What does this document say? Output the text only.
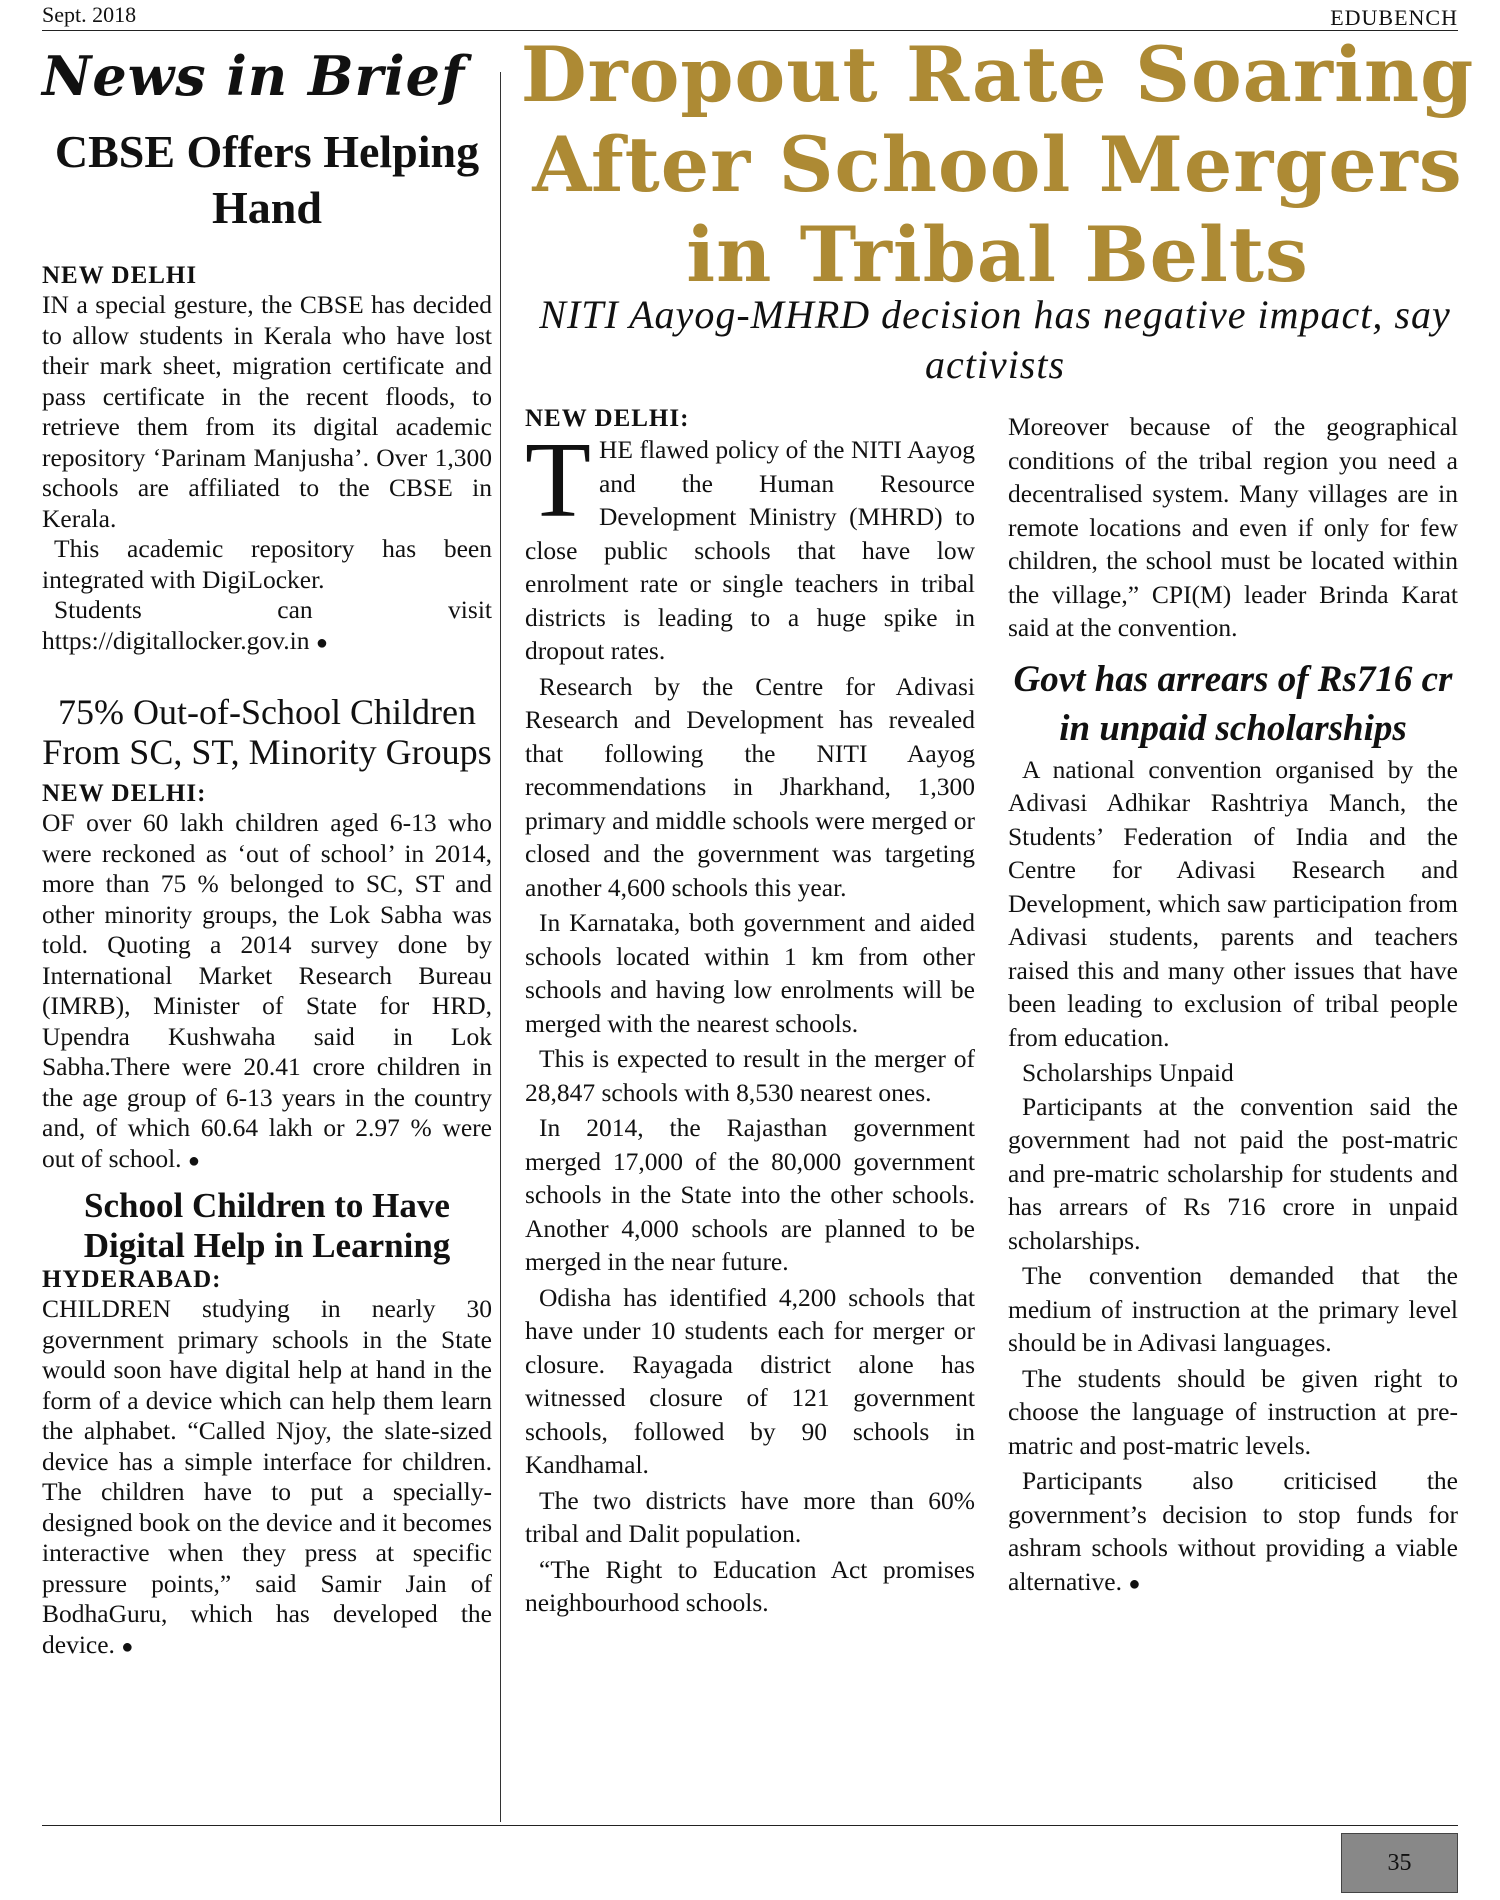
Sept. 2018	EDUBENCH
News in Brief
CBSE Offers Helping Hand
NEW DELHI

IN a special gesture, the CBSE has decided to allow students in Kerala who have lost their mark sheet, migration certificate and pass certificate in the recent floods, to retrieve them from its digital academic repository ‘Parinam Manjusha’. Over 1,300 schools are affiliated to the CBSE in Kerala.

This academic repository has been integrated with DigiLocker.

Students can visit https://digitallocker.gov.in ●

75% Out-of-School Children From SC, ST, Minority Groups
NEW DELHI:

OF over 60 lakh children aged 6-13 who were reckoned as ‘out of school’ in 2014, more than 75 % belonged to SC, ST and other minority groups, the Lok Sabha was told. Quoting a 2014 survey done by International Market Research Bureau (IMRB), Minister of State for HRD, Upendra Kushwaha said in Lok Sabha.There were 20.41 crore children in the age group of 6-13 years in the country and, of which 60.64 lakh or 2.97 % were out of school. ●

School Children to Have Digital Help in Learning
HYDERABAD:

CHILDREN studying in nearly 30 government primary schools in the State would soon have digital help at hand in the form of a device which can help them learn the alphabet. “Called Njoy, the slate-sized device has a simple interface for children. The children have to put a specially-designed book on the device and it becomes interactive when they press at specific pressure points,” said Samir Jain of BodhaGuru, which has developed the device. ●

Dropout Rate Soaring After School Mergers in Tribal Belts
NITI Aayog-MHRD decision has negative impact, say activists
NEW DELHI:

THE flawed policy of the NITI Aayog and the Human Resource Development Ministry (MHRD) to close public schools that have low enrolment rate or single teachers in tribal districts is leading to a huge spike in dropout rates.

Research by the Centre for Adivasi Research and Development has revealed that following the NITI Aayog recommendations in Jharkhand, 1,300 primary and middle schools were merged or closed and the government was targeting another 4,600 schools this year.

In Karnataka, both government and aided schools located within 1 km from other schools and having low enrolments will be merged with the nearest schools.

This is expected to result in the merger of 28,847 schools with 8,530 nearest ones.

In 2014, the Rajasthan government merged 17,000 of the 80,000 government schools in the State into the other schools. Another 4,000 schools are planned to be merged in the near future.

Odisha has identified 4,200 schools that have under 10 students each for merger or closure. Rayagada district alone has witnessed closure of 121 government schools, followed by 90 schools in Kandhamal.

The two districts have more than 60% tribal and Dalit population.

“The Right to Education Act promises neighbourhood schools.

Moreover because of the geographical conditions of the tribal region you need a decentralised system. Many villages are in remote locations and even if only for few children, the school must be located within the village,” CPI(M) leader Brinda Karat said at the convention.

Govt has arrears of Rs716 cr in unpaid scholarships

A national convention organised by the Adivasi Adhikar Rashtriya Manch, the Students’ Federation of India and the Centre for Adivasi Research and Development, which saw participation from Adivasi students, parents and teachers raised this and many other issues that have been leading to exclusion of tribal people from education.

Scholarships Unpaid

Participants at the convention said the government had not paid the post-matric and pre-matric scholarship for students and has arrears of Rs 716 crore in unpaid scholarships.

The convention demanded that the medium of instruction at the primary level should be in Adivasi languages.

The students should be given right to choose the language of instruction at pre-matric and post-matric levels.

Participants also criticised the government’s decision to stop funds for ashram schools without providing a viable alternative. ●

35
